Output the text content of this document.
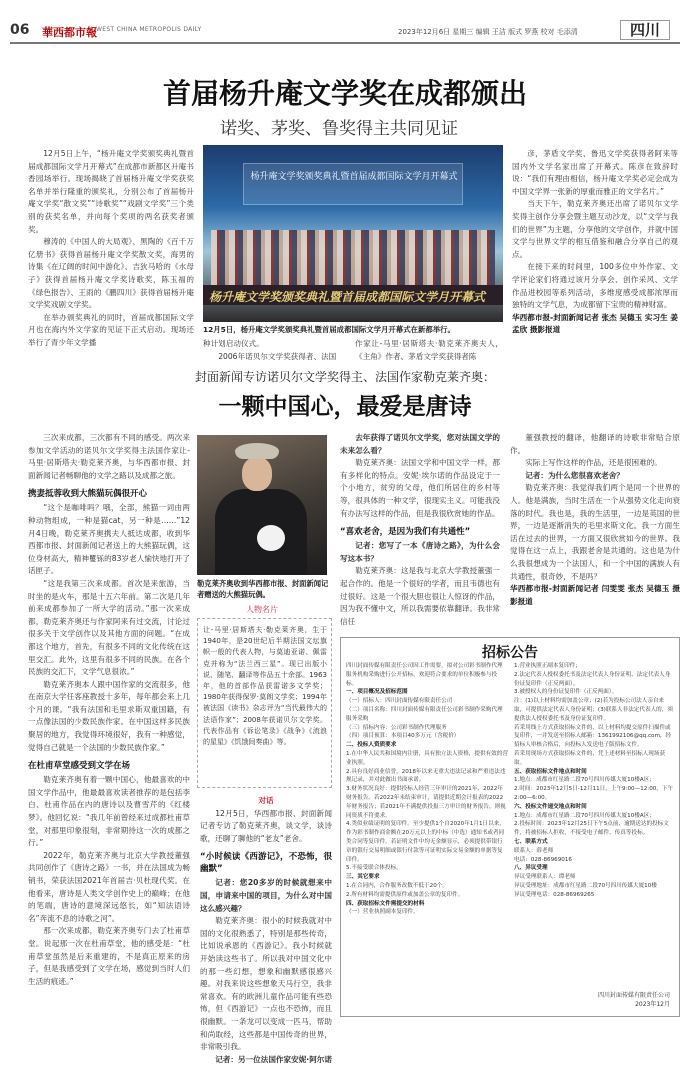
06 華西都市報 WEST CHINA METROPOLIS DAILY	2023年12月6日 星期三 编辑 王洁 版式 罗燕 校对 毛添清	四川
首届杨升庵文学奖在成都颁出
诺奖、茅奖、鲁奖得主共同见证

12月5日上午，“杨升庵文学奖颁奖典礼暨首届成都国际文学月开幕式”在成都市新都区升庵书香园场举行。现场揭晓了首届杨升庵文学奖获奖名单并举行隆重的颁奖礼，分别公布了首届杨升庵文学奖“散文奖”“诗歌奖”“戏剧文学奖”三个类别的获奖名单，并向每个奖项的两名获奖者颁奖。

穆涛的《中国人的大局观》、黑陶的《百千万亿册书》获得首届杨升庵文学奖散文奖，海男的诗集《在辽阔的时间中游化》、吉狄马哈的《水母子》获得首届杨升庵文学奖诗歌奖，陈玉福的《绿色报告》、王雨的《鹏四川》获得首届杨升庵文学奖戏剧文学奖。

在举办颁奖典礼的同时，首届成都国际文学月也在海内外文学家的见证下正式启动。现场还举行了青少年文学播

杨升庵文学奖颁奖典礼暨首届成都国际文学月开幕式
杨升庵文学奖颁奖典礼暨首届成都国际文学月开幕式
12月5日，杨升庵文学奖颁奖典礼暨首届成都国际文学月开幕式在新都举行。
种计划启动仪式。
2006年诺贝尔文学奖获得者、法国
作家让-马里·居斯塔夫·勒克莱齐奥夫人，《主角》作者、茅盾文学奖获得者陈

彦，茅盾文学奖、鲁迅文学奖获得者阿来等国内外文学名家出席了开幕式。陈彦在致辞时说：“我们有理由相信，杨升庵文学奖必定会成为中国文学界一张新的厚重而雅正的文学名片。”

当天下午，勒克莱齐奥还出席了诺贝尔文学奖得主创作分享会暨主题互动沙龙，以“文学与我们的世界”为主题，分享他的文学创作，并就中国文学与世界文学的相互借鉴和融合分享自己的观点。

在接下来的时间里，100多位中外作家、文学评论家们将通过该月分享会、创作采风、文学作品进校园等系列活动，多维度感受成都浓厚而独特的文学气息，为成都留下宝贵的精神财富。

华西都市报-封面新闻记者 张杰 吴德玉 实习生 姜孟欣 摄影报道
封面新闻专访诺贝尔文学奖得主、法国作家勒克莱齐奥：
一颗中国心，最爱是唐诗

三次来成都，三次都有不同的感受。两次来参加文学活动的诺贝尔文学奖得主法国作家让-马里·居斯塔夫·勒克莱齐奥，与华西都市报、封面新闻记者畅聊他的文学之路以及成都之旅。

携妻抵蓉收到大熊猫玩偶很开心

“这个是咖啡吗？哦，全部，熊猫一词由两种动物组成，一种是猫cat，另一种是……”12月4日晚，勒克莱齐奥携夫人抵达成都，收到华西都市报、封面新闻记者送上的大熊猫玩偶，这位身材高大，精神矍铄的83岁老人愉快地打开了话匣子。

“这是我第三次来成都。首次是来旅游，当时坐的是火车，那是十五六年前。第二次是几年前来成都参加了一所大学的活动。”那一次来成都，勒克莱齐奥还与作家阿来有过交流，讨论过很多关于文学创作以及其他方面的问题。“在成都这个地方，首先，有很多不同的文化传统在这里交汇。此外，这里有很多不同的民族。在各个民族的交汇下，文学气息很浓。”

勒克莱齐奥本人跟中国作家的交流很多，他在南京大学任客座教授十多年，每年都会来上几个月的课。“我有法国和毛里求斯双重国籍，有一点像法国的少数民族作家。在中国这样多民族聚居的地方，我觉得环境很好，我有一种感觉，觉得自己就是一个法国的少数民族作家。”

在杜甫草堂感受到文学在场

勒克莱齐奥有着一颗中国心，他最喜欢的中国文学作品中，他最最喜欢读者推荐的是包括李白、杜甫作品在内的唐诗以及曹雪芹的《红楼梦》。他回忆说：“我几年前曾经来过成都杜甫草堂，对那里印象很刻，非常期待这一次的成都之行。”

2022年，勒克莱齐奥与北京大学教授董强共同创作了《唐诗之路》一书，并在法国成为畅销书，荣获法国2021年首届吉·贝杜现代奖。在他看来，唐诗是人类文学创作史上的巅峰；在他的笔端，唐诗的意境深远悠长，如“知法语诗名”奔流不息的诗歌之河”。

那一次来成都，勒克莱齐奥专门去了杜甫草堂。说起那一次在杜甫草堂，他的感受是：“杜甫草堂虽然是后来重建的，不是真正原来的房子，但是我感受到了文学在场，感觉到当时人们生活的痕迹。”

勒克莱齐奥收到华西都市报、封面新闻记者赠送的大熊猫玩偶。
人物名片
让-马里·居斯塔夫·勒克莱齐奥，生于1940年，是20世纪后半期法国文坛旗帜一般的代表人物，与莫迪亚诺、佩雷克并称为“法兰西三星”。现已出版小说、随笔、翻译等作品五十余部。1963年，他的首部作品获雷诺多文学奖；1980年获得保罗·莫朗文学奖；1994年被法国《读书》杂志评为“当代最伟大的法语作家”；2008年获诺贝尔文学奖。代表作品有《诉讼笔录》《战争》《流浪的星星》《饥饿间奏曲》等。
对话

12月5日，华西都市报、封面新闻记者专访了勒克莱齐奥，谈文学，谈诗歌，还聊了聊他的“老友”老舍。

“小时候读《西游记》，不恐怖，很幽默”

记者：您20多岁的时候就想来中国，申请来中国的项目，为什么对中国这么感兴趣？

勒克莱齐奥：很小的时候我就对中国的文化很熟悉了，特别是那些传奇，比如说承恩的《西游记》。我小时候就开始读这些书了。所以我对中国文化中的那一些幻想，想象和幽默感很感兴趣。对我来说这些想象天马行空，我非常喜欢。有的欧洲儿童作品可能有些恐怖，但《西游记》一点也不恐怖，而且很幽默。一条龙可以变成一匹马，帮助和尚取经，这些都是中国传奇的世界，非常吸引我。

记者：另一位法国作家安妮·阿尔诺

去年获得了诺贝尔文学奖，您对法国文学的未来怎么看？

勒克莱齐奥：法国文学和中国文学一样，都有多样化的特点。安妮·埃尔诺的作品设定于一个小地方，贫穷的父母，他们所居住的乡村等等，很具体的一种文学，很现实主义。可能我没有办法写这样的作品，但是我很欣赏她的作品。

“喜欢老舍，是因为我们有共通性”

记者：您写了一本《唐诗之路》，为什么会写这本书？

勒克莱齐奥：这是我与北京大学教授董强一起合作的。他是一个很好的学者，而且韦德也有过很好。这是一个很大胆也很让人惊讶的作品，因为我不懂中文，所以我需要依靠翻译。我非常信任

董强教授的翻译，他翻译的诗歌非常贴合原作。

实际上写作这样的作品，还是很困难的。

记者：为什么您很喜欢老舍？

勒克莱齐奥：我觉得我们两个是同一个世界的人。他是满族，当时生活在一个从强势文化走向衰落的时代。我也是，我的生活里，一边是英国的世界，一边是逐渐消失的毛里求斯文化。我一方面生活在过去的世界，一方面又很欣赏如今的世界。我觉得在这一点上，我跟老舍是共通的。这也是为什么我很想成为一个法国人，和一个中国的满族人有共通性，很奇妙，不是吗？

华西都市报-封面新闻记者 闫雯雯 张杰 吴德玉 摄影报道
招标公告
四川封面传媒有限责任公司因工作需要，拟对公司彩书制作代理服务机构采购进行公开招标，欢迎符合要求的单位积极参与投标。
一、项目概况及招标范围
（一）招标人：四川封面传媒有限责任公司
（二）项目名称：四川封面传媒有限责任公司彩书制作采购代理服务采购
（三）招标内容：公司彩书制作代理服务
（四）项目预算：本项目40多万元（含税价）
二、投标人资质要求
1.在中华人民共和国境内注册，具有独立法人资格，提供有效的营业执照。
2.具有良好商业信誉，2018年以来无重大违法记录和严重违法违规记录，并对此做出书面承诺。
3.财务状况良好：提供投标人经营三年审计的2021年、2022年财务报告。若2022年未结束审计，请提供近期会计报表的2022年财务报告；若2021年不满提供投报三方审计的财务报告，则视同资质不符要求。
4.类似业绩证明的复印件。至少提供1个自2020年1月1日以来，作为彩书制作商金额在20万元以上的中标（中选）通知书或者同类合同等复印件。若证明文件中均无金额显示，必须提供带银行章的银行交易明细或银行付款等可证明实际交易金额的单据等复印件。
5.不接受联合体投标。
三、其它要求
1.在合同内，合作服务改数不低于20个。
2.所有材料均需提供原件或加盖公章的复印件。
四、获取招标文件需提交的材料
（一）营业执照副本复印件。
1.营业执照正副本复印件；
2.法定代表人授权委托书及法定代表人身份证明、法定代表人身份证复印件（正反两面）。
3.被授权人的身份证复印件（正反两面）。
注：(1)以上材料均需加盖公章；(2)若为投标公司法人亲自来取，可提供法定代表人身份证明；(3)联系人非法定代表人的，须提供法人授权委托书及身份证复印件。
若采用线上方式获取招标文件的，以上材料均提交原件扫描件或复印件，一并发送至招标人邮箱：1361992106@qq.com，经招标人审核合格后，向投标人发送电子版招标文件。
若采用现场方式获取招标文件的，凭上述材料至招标人现场获取。
五、获取招标文件地点和时间
1.地点：成都市红星路二段70号四川传媒大厦10楼A区；
2.时间：2023年12月5日-12月11日，上午9:00—12:00，下午2:00—6:00。
六、投标文件递交地点和时间
1.地点：成都市红星路二段70号四川传媒大厦10楼A区；
2.投标时间：2023年12月25日下午5点前，逾期送达的投标文件，将被招标人拒收，不接受电子邮件、传真等投标。
七、联系方式
联系人：薛老师
电话：028-86969016
八、异议受理
异议受理联系人：谭老师
异议受理地址：成都市红星路二段70号四川传媒大厦10楼
异议受理电话：028-86969265
四川封面传媒有限责任公司
2023年12月
